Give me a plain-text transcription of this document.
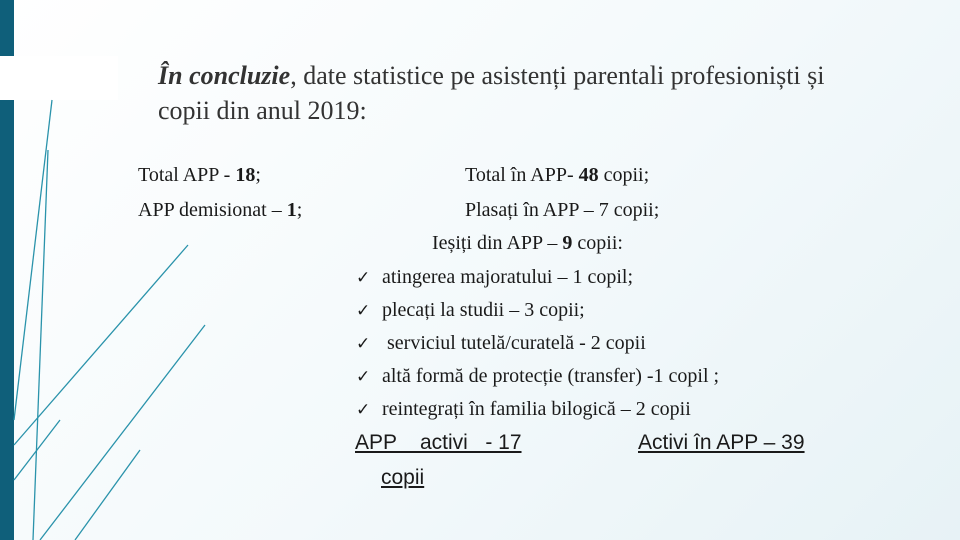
În concluzie, date statistice pe asistenți parentali profesioniști și copii din anul 2019:
Total APP - 18;
APP demisionat – 1;
Total în APP- 48 copii;
Plasați în APP – 7 copii;
Ieșiți din APP – 9 copii:
✓ atingerea majoratului – 1 copil;
✓ plecați la studii – 3 copii;
✓ serviciul tutelă/curatelă - 2 copii
✓ altă formă de protecție (transfer) -1 copil ;
✓ reintegrați în familia bilogică – 2 copii
APP    activi   - 17	Activi în APP – 39
copii
